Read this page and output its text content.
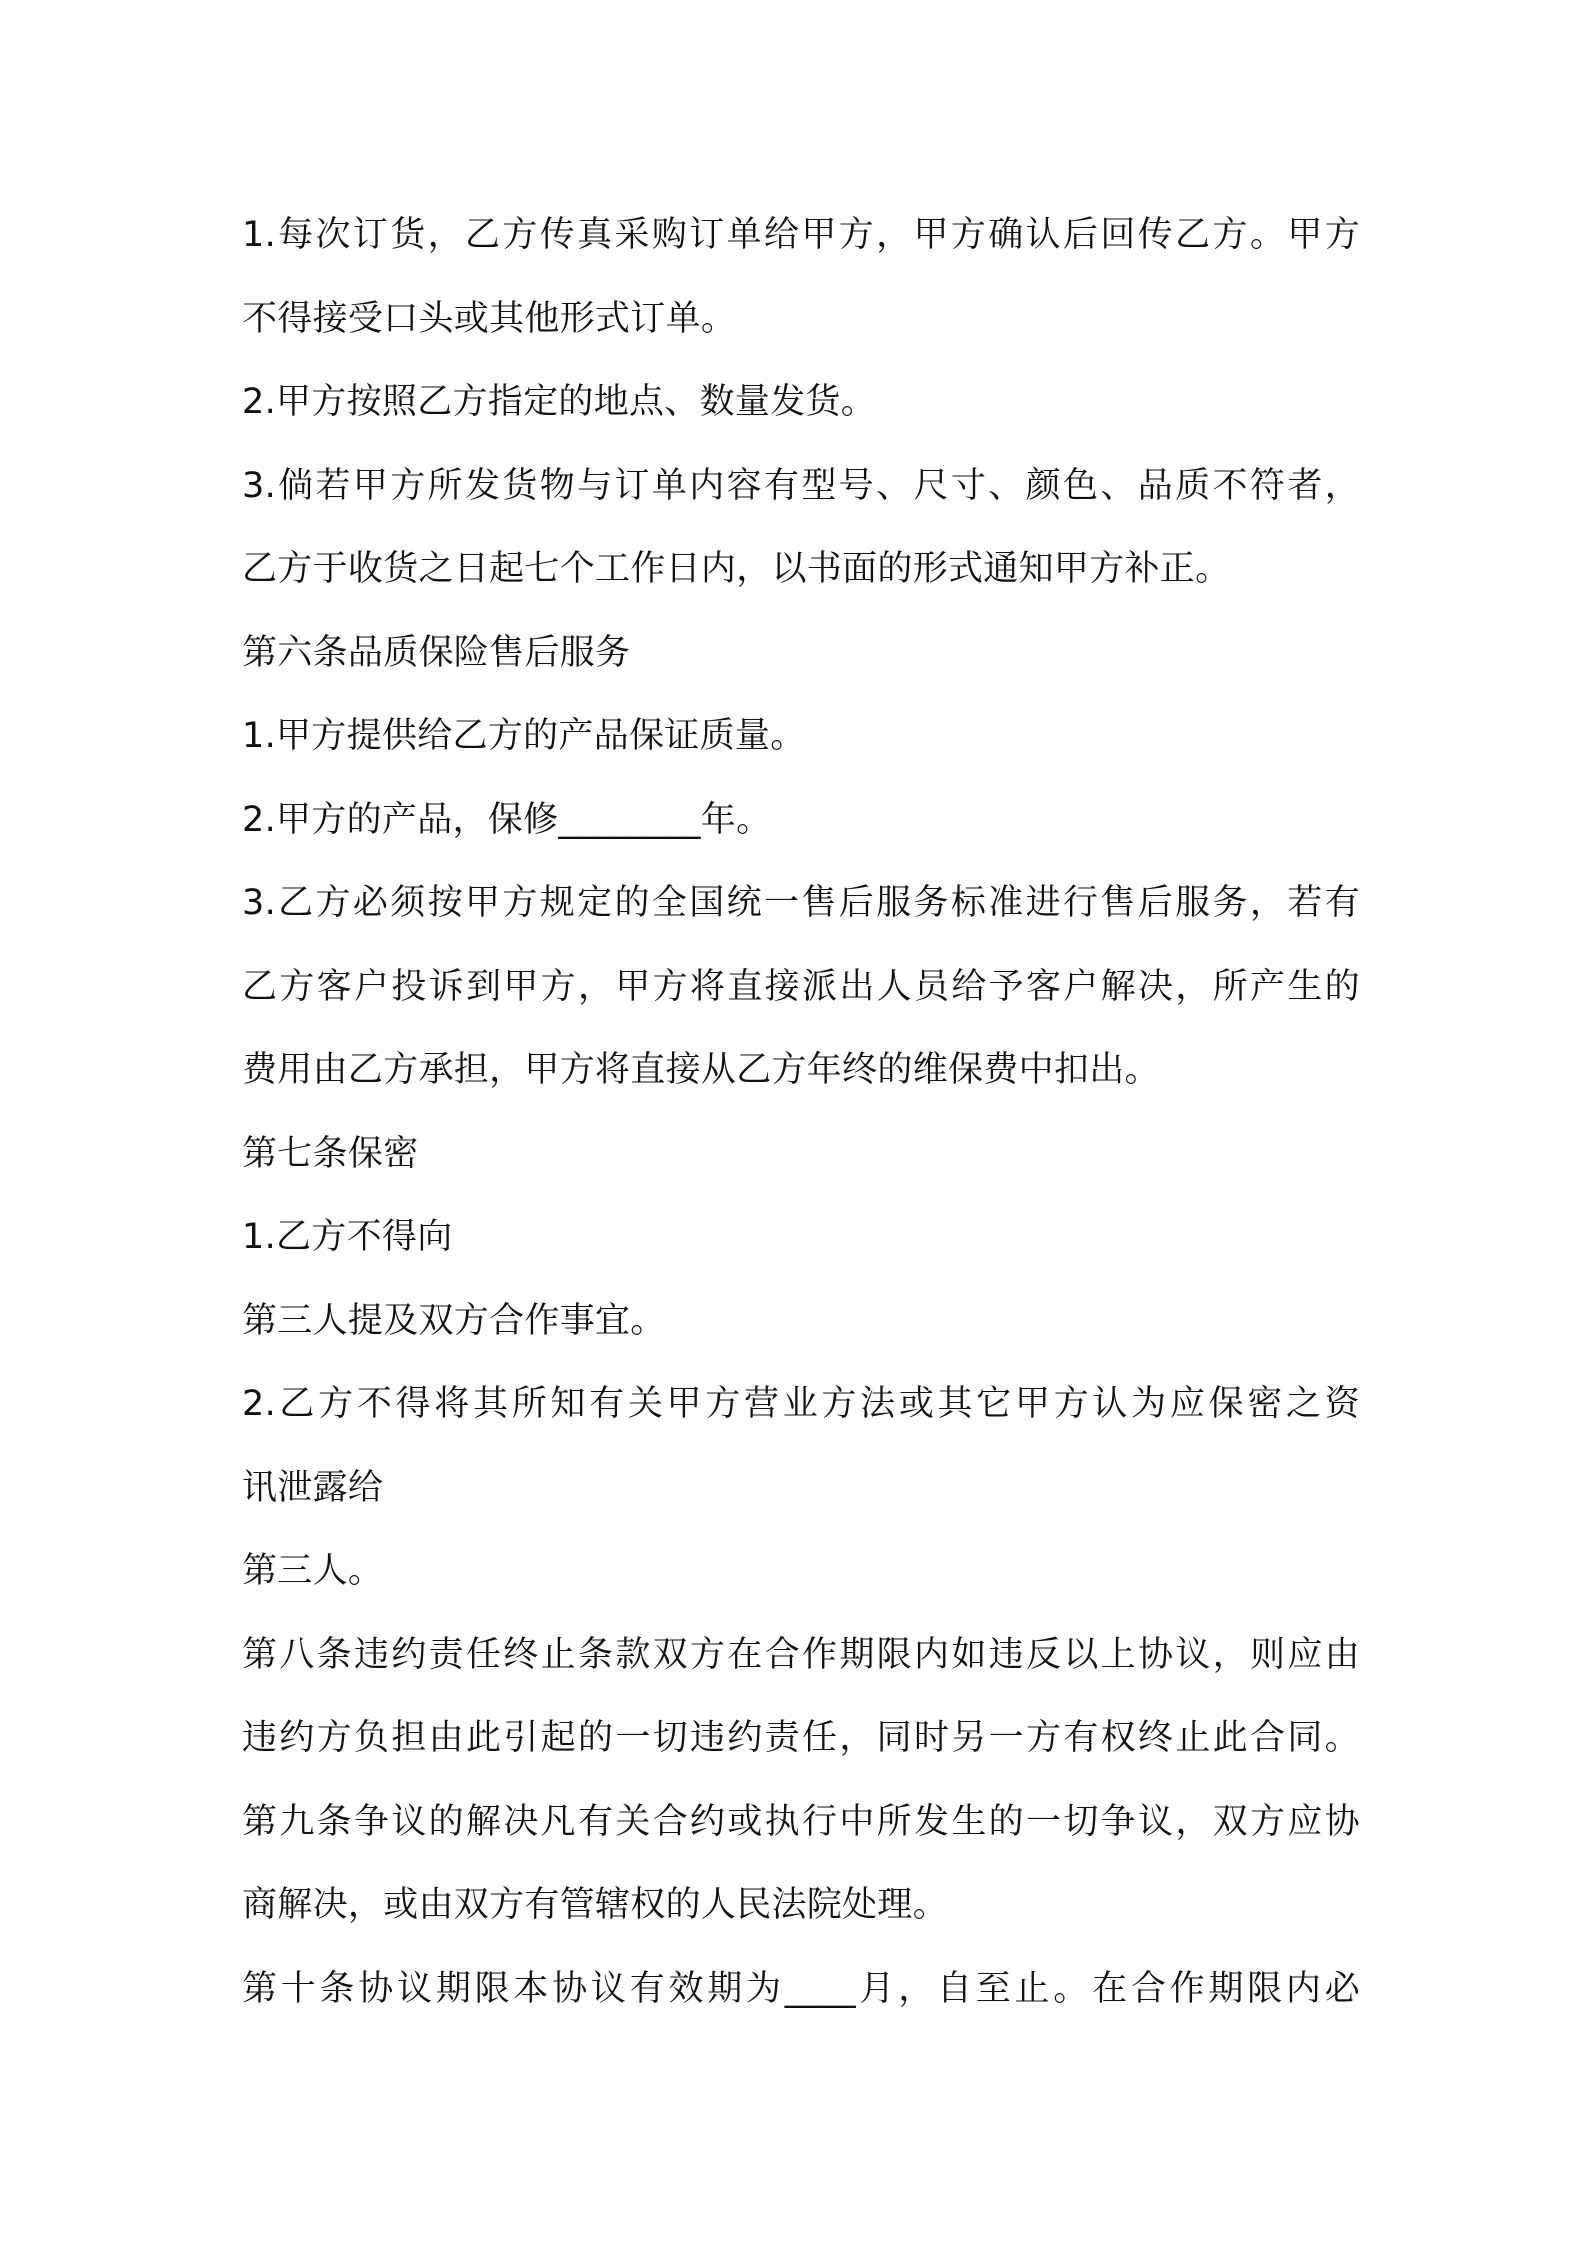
1.每次订货，乙方传真采购订单给甲方，甲方确认后回传乙方。甲方
不得接受口头或其他形式订单。
2.甲方按照乙方指定的地点、数量发货。
3.倘若甲方所发货物与订单内容有型号、尺寸、颜色、品质不符者，
乙方于收货之日起七个工作日内，以书面的形式通知甲方补正。
第六条品质保险售后服务
1.甲方提供给乙方的产品保证质量。
2.甲方的产品，保修________年。
3.乙方必须按甲方规定的全国统一售后服务标准进行售后服务，若有
乙方客户投诉到甲方，甲方将直接派出人员给予客户解决，所产生的
费用由乙方承担，甲方将直接从乙方年终的维保费中扣出。
第七条保密
1.乙方不得向
第三人提及双方合作事宜。
2.乙方不得将其所知有关甲方营业方法或其它甲方认为应保密之资
讯泄露给
第三人。
第八条违约责任终止条款双方在合作期限内如违反以上协议，则应由
违约方负担由此引起的一切违约责任，同时另一方有权终止此合同。
第九条争议的解决凡有关合约或执行中所发生的一切争议，双方应协
商解决，或由双方有管辖权的人民法院处理。
第十条协议期限本协议有效期为____月，自至止。在合作期限内必
